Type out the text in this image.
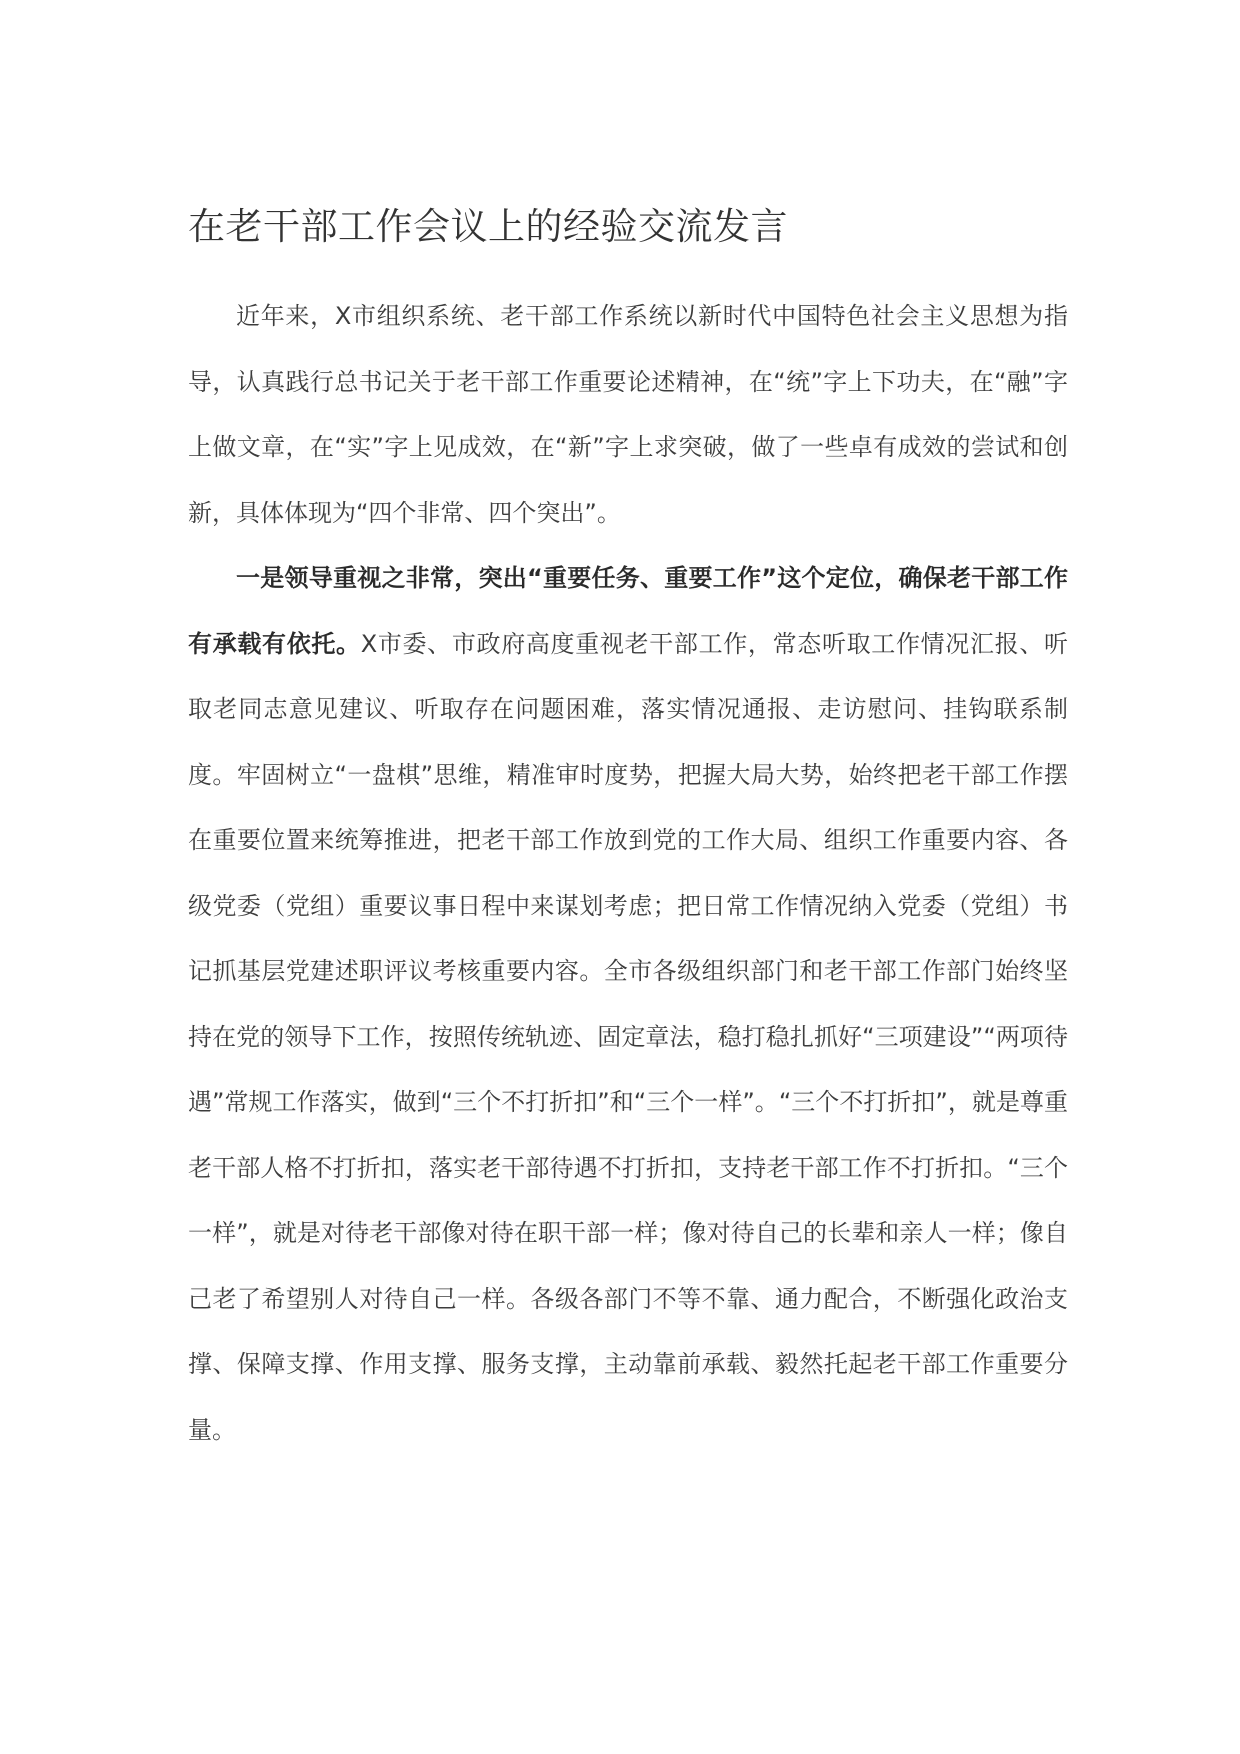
在老干部工作会议上的经验交流发言

近年来，X市组织系统、老干部工作系统以新时代中国特色社会主义思想为指导，认真践行总书记关于老干部工作重要论述精神，在“统”字上下功夫，在“融”字上做文章，在“实”字上见成效，在“新”字上求突破，做了一些卓有成效的尝试和创新，具体体现为“四个非常、四个突出”。

一是领导重视之非常，突出“重要任务、重要工作”这个定位，确保老干部工作有承载有依托。X市委、市政府高度重视老干部工作，常态听取工作情况汇报、听取老同志意见建议、听取存在问题困难，落实情况通报、走访慰问、挂钩联系制度。牢固树立“一盘棋”思维，精准审时度势，把握大局大势，始终把老干部工作摆在重要位置来统筹推进，把老干部工作放到党的工作大局、组织工作重要内容、各级党委（党组）重要议事日程中来谋划考虑；把日常工作情况纳入党委（党组）书记抓基层党建述职评议考核重要内容。全市各级组织部门和老干部工作部门始终坚持在党的领导下工作，按照传统轨迹、固定章法，稳打稳扎抓好“三项建设”“两项待遇”常规工作落实，做到“三个不打折扣”和“三个一样”。“三个不打折扣”，就是尊重老干部人格不打折扣，落实老干部待遇不打折扣，支持老干部工作不打折扣。“三个一样”，就是对待老干部像对待在职干部一样；像对待自己的长辈和亲人一样；像自己老了希望别人对待自己一样。各级各部门不等不靠、通力配合，不断强化政治支撑、保障支撑、作用支撑、服务支撑，主动靠前承载、毅然托起老干部工作重要分量。
